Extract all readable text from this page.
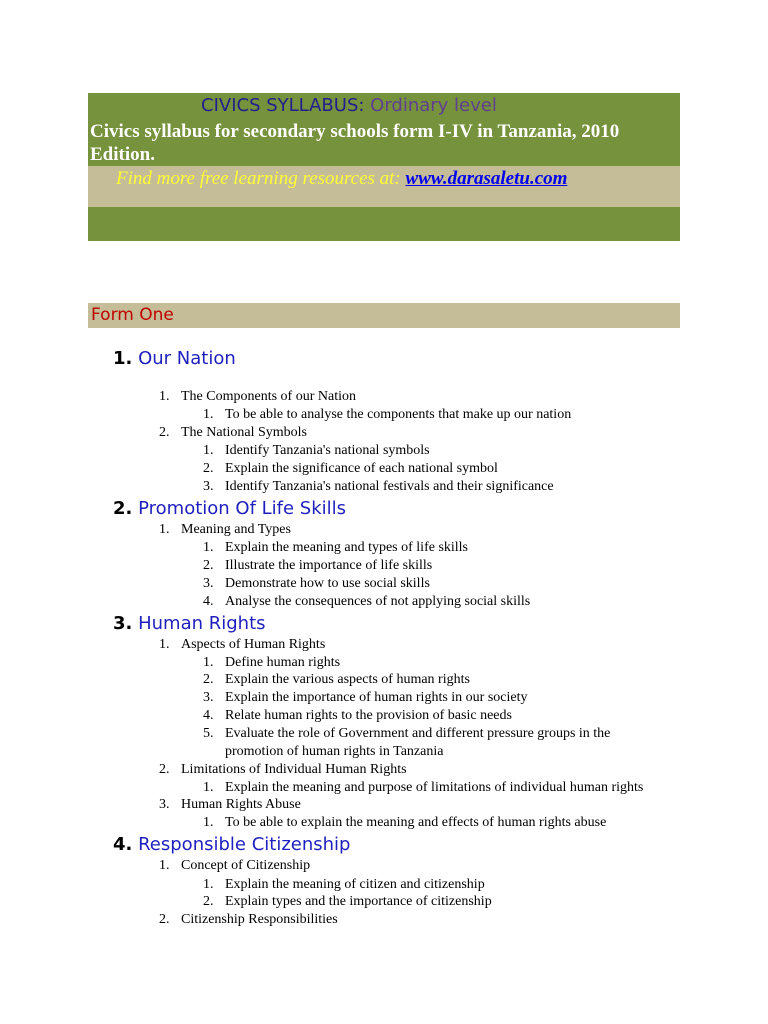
CIVICS SYLLABUS: Ordinary level
Civics syllabus for secondary schools form I-IV in Tanzania, 2010 Edition.
Find more free learning resources at: www.darasaletu.com
Form One
1. Our Nation
1. The Components of our Nation
1. To be able to analyse the components that make up our nation
2. The National Symbols
1. Identify Tanzania's national symbols
2. Explain the significance of each national symbol
3. Identify Tanzania's national festivals and their significance
2. Promotion Of Life Skills
1. Meaning and Types
1. Explain the meaning and types of life skills
2. Illustrate the importance of life skills
3. Demonstrate how to use social skills
4. Analyse the consequences of not applying social skills
3. Human Rights
1. Aspects of Human Rights
1. Define human rights
2. Explain the various aspects of human rights
3. Explain the importance of human rights in our society
4. Relate human rights to the provision of basic needs
5. Evaluate the role of Government and different pressure groups in the promotion of human rights in Tanzania
2. Limitations of Individual Human Rights
1. Explain the meaning and purpose of limitations of individual human rights
3. Human Rights Abuse
1. To be able to explain the meaning and effects of human rights abuse
4. Responsible Citizenship
1. Concept of Citizenship
1. Explain the meaning of citizen and citizenship
2. Explain types and the importance of citizenship
2. Citizenship Responsibilities
